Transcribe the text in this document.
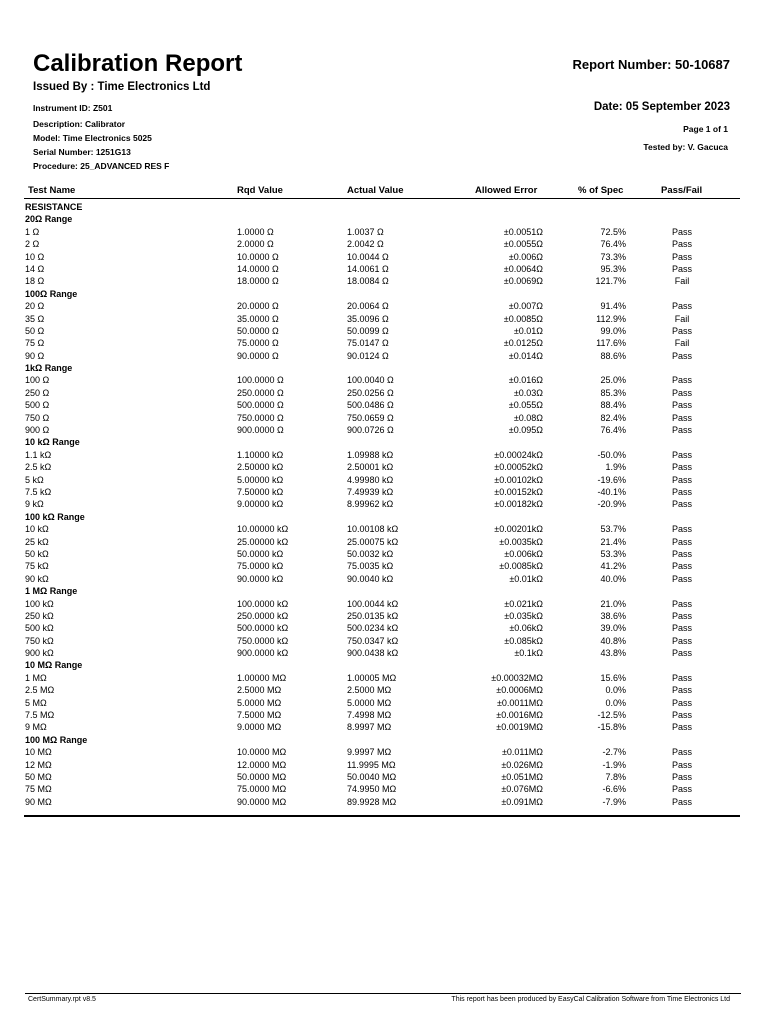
Calibration Report
Issued By : Time Electronics Ltd
Report Number: 50-10687
Instrument ID: Z501
Description: Calibrator
Model: Time Electronics 5025
Serial Number: 1251G13
Procedure: 25_ADVANCED RES F
Date: 05 September 2023
Page 1 of 1
Tested by: V. Gacuca
Test Name	Rqd Value	Actual Value	Allowed Error	% of Spec	Pass/Fail
RESISTANCE
20Ω Range
1 Ω	1.0000 Ω	1.0037 Ω	±0.0051Ω	72.5%	Pass
2 Ω	2.0000 Ω	2.0042 Ω	±0.0055Ω	76.4%	Pass
10 Ω	10.0000 Ω	10.0044 Ω	±0.006Ω	73.3%	Pass
14 Ω	14.0000 Ω	14.0061 Ω	±0.0064Ω	95.3%	Pass
18 Ω	18.0000 Ω	18.0084 Ω	±0.0069Ω	121.7%	Fail
100Ω Range
20 Ω	20.0000 Ω	20.0064 Ω	±0.007Ω	91.4%	Pass
35 Ω	35.0000 Ω	35.0096 Ω	±0.0085Ω	112.9%	Fail
50 Ω	50.0000 Ω	50.0099 Ω	±0.01Ω	99.0%	Pass
75 Ω	75.0000 Ω	75.0147 Ω	±0.0125Ω	117.6%	Fail
90 Ω	90.0000 Ω	90.0124 Ω	±0.014Ω	88.6%	Pass
1kΩ Range
100 Ω	100.0000 Ω	100.0040 Ω	±0.016Ω	25.0%	Pass
250 Ω	250.0000 Ω	250.0256 Ω	±0.03Ω	85.3%	Pass
500 Ω	500.0000 Ω	500.0486 Ω	±0.055Ω	88.4%	Pass
750 Ω	750.0000 Ω	750.0659 Ω	±0.08Ω	82.4%	Pass
900 Ω	900.0000 Ω	900.0726 Ω	±0.095Ω	76.4%	Pass
10 kΩ Range
1.1 kΩ	1.10000 kΩ	1.09988 kΩ	±0.00024kΩ	-50.0%	Pass
2.5 kΩ	2.50000 kΩ	2.50001 kΩ	±0.00052kΩ	1.9%	Pass
5 kΩ	5.00000 kΩ	4.99980 kΩ	±0.00102kΩ	-19.6%	Pass
7.5 kΩ	7.50000 kΩ	7.49939 kΩ	±0.00152kΩ	-40.1%	Pass
9 kΩ	9.00000 kΩ	8.99962 kΩ	±0.00182kΩ	-20.9%	Pass
100 kΩ Range
10 kΩ	10.00000 kΩ	10.00108 kΩ	±0.00201kΩ	53.7%	Pass
25 kΩ	25.00000 kΩ	25.00075 kΩ	±0.0035kΩ	21.4%	Pass
50 kΩ	50.0000 kΩ	50.0032 kΩ	±0.006kΩ	53.3%	Pass
75 kΩ	75.0000 kΩ	75.0035 kΩ	±0.0085kΩ	41.2%	Pass
90 kΩ	90.0000 kΩ	90.0040 kΩ	±0.01kΩ	40.0%	Pass
1 MΩ Range
100 kΩ	100.0000 kΩ	100.0044 kΩ	±0.021kΩ	21.0%	Pass
250 kΩ	250.0000 kΩ	250.0135 kΩ	±0.035kΩ	38.6%	Pass
500 kΩ	500.0000 kΩ	500.0234 kΩ	±0.06kΩ	39.0%	Pass
750 kΩ	750.0000 kΩ	750.0347 kΩ	±0.085kΩ	40.8%	Pass
900 kΩ	900.0000 kΩ	900.0438 kΩ	±0.1kΩ	43.8%	Pass
10 MΩ Range
1 MΩ	1.00000 MΩ	1.00005 MΩ	±0.00032MΩ	15.6%	Pass
2.5 MΩ	2.5000 MΩ	2.5000 MΩ	±0.0006MΩ	0.0%	Pass
5 MΩ	5.0000 MΩ	5.0000 MΩ	±0.0011MΩ	0.0%	Pass
7.5 MΩ	7.5000 MΩ	7.4998 MΩ	±0.0016MΩ	-12.5%	Pass
9 MΩ	9.0000 MΩ	8.9997 MΩ	±0.0019MΩ	-15.8%	Pass
100 MΩ Range
10 MΩ	10.0000 MΩ	9.9997 MΩ	±0.011MΩ	-2.7%	Pass
12 MΩ	12.0000 MΩ	11.9995 MΩ	±0.026MΩ	-1.9%	Pass
50 MΩ	50.0000 MΩ	50.0040 MΩ	±0.051MΩ	7.8%	Pass
75 MΩ	75.0000 MΩ	74.9950 MΩ	±0.076MΩ	-6.6%	Pass
90 MΩ	90.0000 MΩ	89.9928 MΩ	±0.091MΩ	-7.9%	Pass
CertSummary.rpt v8.5	This report has been produced by EasyCal Calibration Software from Time Electronics Ltd
